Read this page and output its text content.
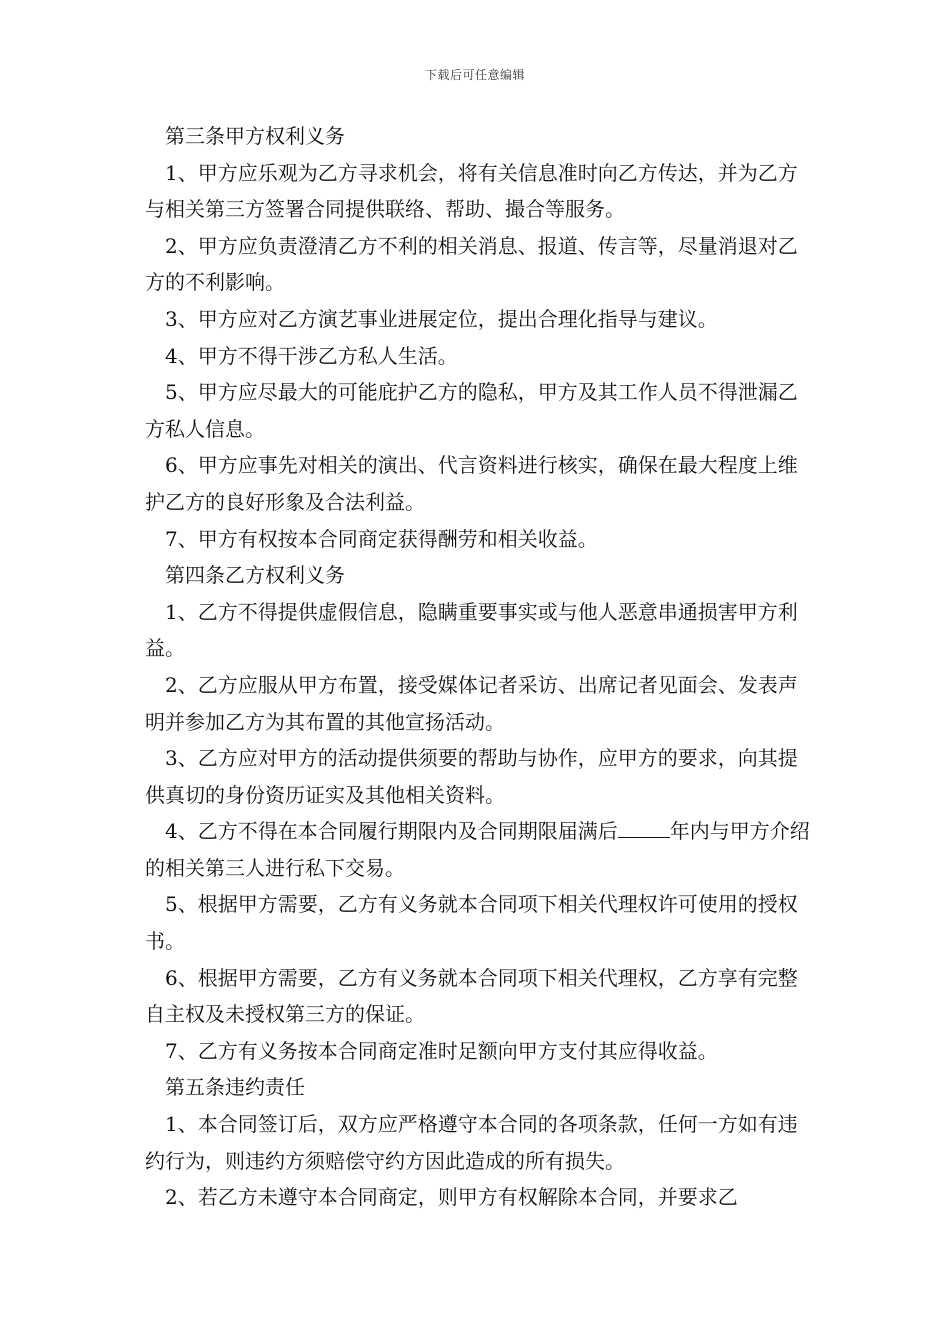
下载后可任意编辑

第三条甲方权利义务

1、甲方应乐观为乙方寻求机会，将有关信息准时向乙方传达，并为乙方与相关第三方签署合同提供联络、帮助、撮合等服务。

2、甲方应负责澄清乙方不利的相关消息、报道、传言等，尽量消退对乙方的不利影响。

3、甲方应对乙方演艺事业进展定位，提出合理化指导与建议。

4、甲方不得干涉乙方私人生活。

5、甲方应尽最大的可能庇护乙方的隐私，甲方及其工作人员不得泄漏乙方私人信息。

6、甲方应事先对相关的演出、代言资料进行核实，确保在最大程度上维护乙方的良好形象及合法利益。

7、甲方有权按本合同商定获得酬劳和相关收益。

第四条乙方权利义务

1、乙方不得提供虚假信息，隐瞒重要事实或与他人恶意串通损害甲方利益。

2、乙方应服从甲方布置，接受媒体记者采访、出席记者见面会、发表声明并参加乙方为其布置的其他宣扬活动。

3、乙方应对甲方的活动提供须要的帮助与协作，应甲方的要求，向其提供真切的身份资历证实及其他相关资料。

4、乙方不得在本合同履行期限内及合同期限届满后	年内与甲方介绍的相关第三人进行私下交易。

5、根据甲方需要，乙方有义务就本合同项下相关代理权许可使用的授权书。

6、根据甲方需要，乙方有义务就本合同项下相关代理权，乙方享有完整自主权及未授权第三方的保证。

7、乙方有义务按本合同商定准时足额向甲方支付其应得收益。

第五条违约责任

1、本合同签订后，双方应严格遵守本合同的各项条款，任何一方如有违约行为，则违约方须赔偿守约方因此造成的所有损失。

2、若乙方未遵守本合同商定，则甲方有权解除本合同，并要求乙
